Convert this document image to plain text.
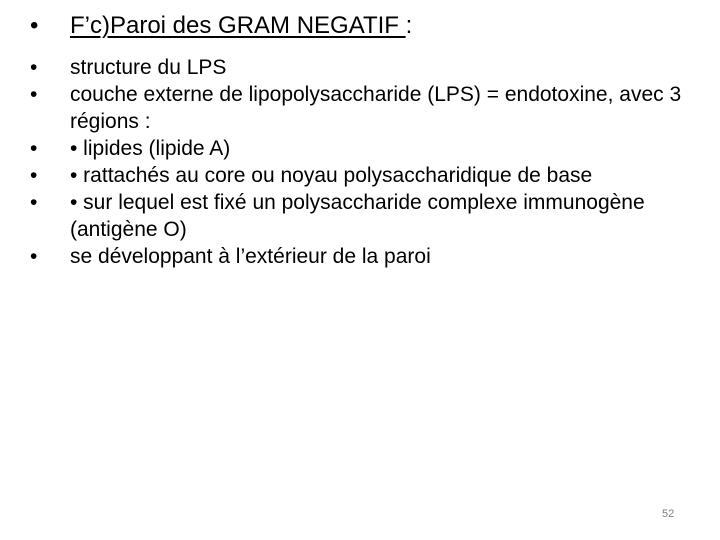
• F’c)Paroi des GRAM NEGATIF :
•	structure du LPS
•	couche externe de lipopolysaccharide (LPS) = endotoxine, avec 3 régions :
•	• lipides (lipide A)
•	• rattachés au core ou noyau polysaccharidique de base
•	• sur lequel est fixé un polysaccharide complexe immunogène (antigène O)
•	se développant à l’extérieur de la paroi
52
